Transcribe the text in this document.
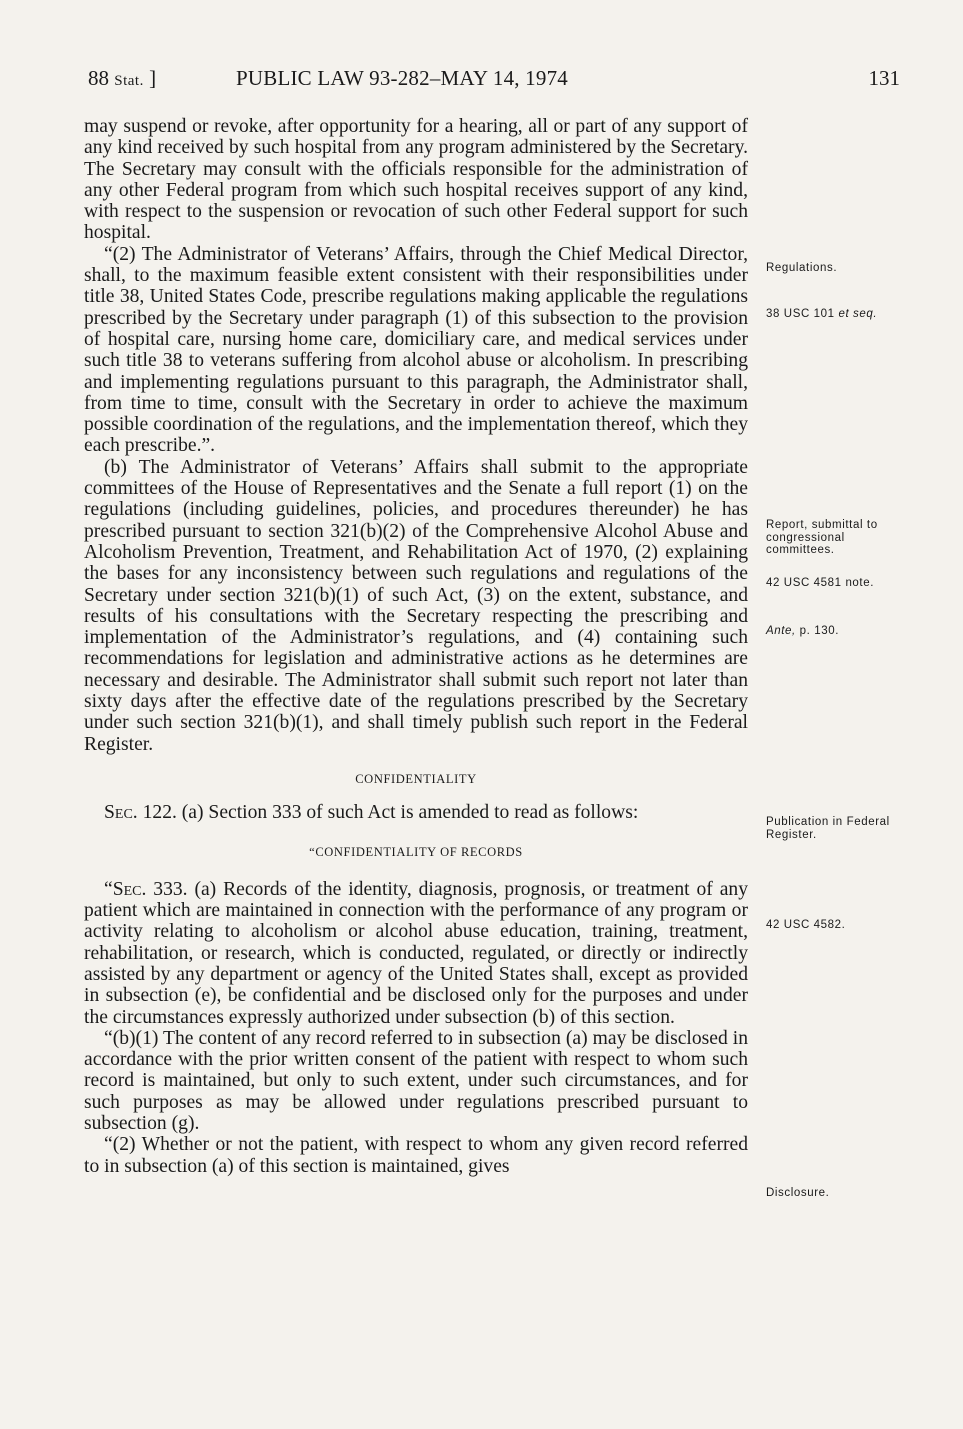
88 Stat. ]	PUBLIC LAW 93-282–MAY 14, 1974	131

may suspend or revoke, after opportunity for a hearing, all or part of any support of any kind received by such hospital from any program administered by the Secretary. The Secretary may consult with the officials responsible for the administration of any other Federal program from which such hospital receives support of any kind, with respect to the suspension or revocation of such other Federal support for such hospital.

“(2) The Administrator of Veterans’ Affairs, through the Chief Medical Director, shall, to the maximum feasible extent consistent with their responsibilities under title 38, United States Code, prescribe regulations making applicable the regulations prescribed by the Secretary under paragraph (1) of this subsection to the provision of hospital care, nursing home care, domiciliary care, and medical services under such title 38 to veterans suffering from alcohol abuse or alcoholism. In prescribing and implementing regulations pursuant to this paragraph, the Administrator shall, from time to time, consult with the Secretary in order to achieve the maximum possible coordination of the regulations, and the implementation thereof, which they each prescribe.”.

(b) The Administrator of Veterans’ Affairs shall submit to the appropriate committees of the House of Representatives and the Senate a full report (1) on the regulations (including guidelines, policies, and procedures thereunder) he has prescribed pursuant to section 321(b)(2) of the Comprehensive Alcohol Abuse and Alcoholism Prevention, Treatment, and Rehabilitation Act of 1970, (2) explaining the bases for any inconsistency between such regulations and regulations of the Secretary under section 321(b)(1) of such Act, (3) on the extent, substance, and results of his consultations with the Secretary respecting the prescribing and implementation of the Administrator’s regulations, and (4) containing such recommendations for legislation and administrative actions as he determines are necessary and desirable. The Administrator shall submit such report not later than sixty days after the effective date of the regulations prescribed by the Secretary under such section 321(b)(1), and shall timely publish such report in the Federal Register.

CONFIDENTIALITY

Sec. 122. (a) Section 333 of such Act is amended to read as follows:

“CONFIDENTIALITY OF RECORDS

“Sec. 333. (a) Records of the identity, diagnosis, prognosis, or treatment of any patient which are maintained in connection with the performance of any program or activity relating to alcoholism or alcohol abuse education, training, treatment, rehabilitation, or research, which is conducted, regulated, or directly or indirectly assisted by any department or agency of the United States shall, except as provided in subsection (e), be confidential and be disclosed only for the purposes and under the circumstances expressly authorized under subsection (b) of this section.

“(b)(1) The content of any record referred to in subsection (a) may be disclosed in accordance with the prior written consent of the patient with respect to whom such record is maintained, but only to such extent, under such circumstances, and for such purposes as may be allowed under regulations prescribed pursuant to subsection (g).

“(2) Whether or not the patient, with respect to whom any given record referred to in subsection (a) of this section is maintained, gives

Regulations.
38 USC 101 et seq.
Report, submittal to congressional committees.
42 USC 4581 note.
Ante, p. 130.
Publication in Federal Register.
42 USC 4582.
Disclosure.
